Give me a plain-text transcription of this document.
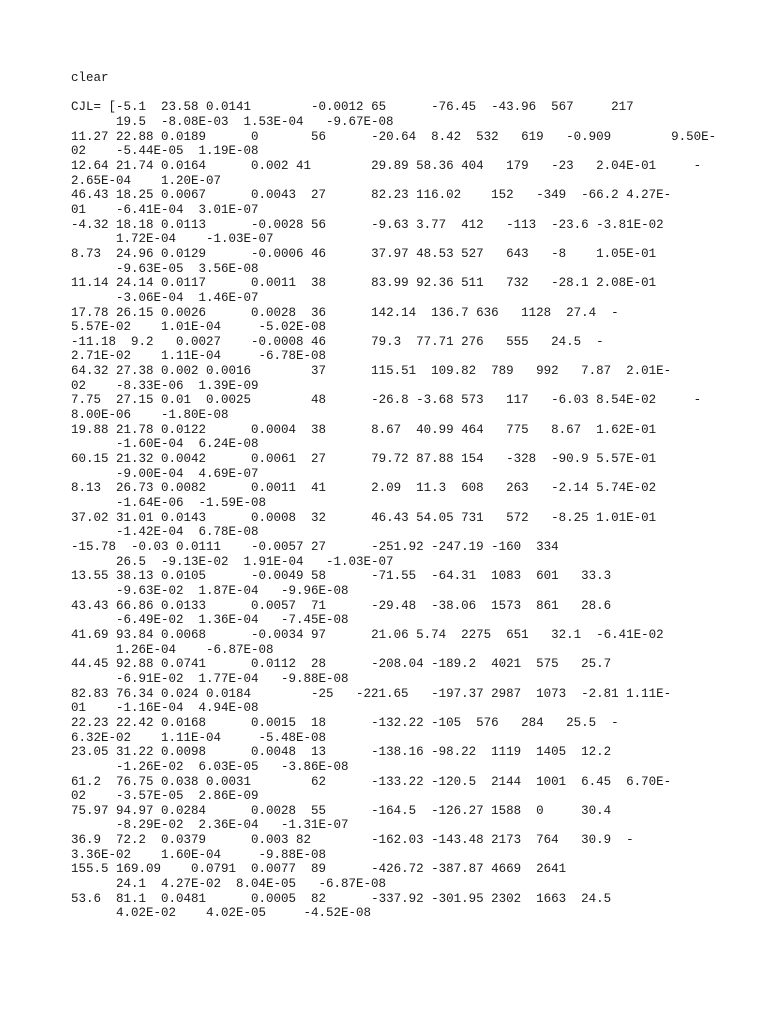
clear
CJL= [-5.1  23.58 0.0141	-0.0012	65	-76.45	-43.96	567	217
19.5  -8.08E-03  1.53E-04   -9.67E-08
11.27 22.88 0.0189	0	56	-20.64	8.42  532   619   -0.909	9.50E-
02    -5.44E-05  1.19E-08
12.64 21.74 0.0164	0.002 41	29.89 58.36 404   179   -23   2.04E-01     -
2.65E-04    1.20E-07
46.43 18.25 0.0067	0.0043	27	82.23 116.02	152   -349  -66.2 4.27E-
01    -6.41E-04  3.01E-07
-4.32 18.18 0.0113	-0.0028	56	-9.63 3.77  412   -113  -23.6 -3.81E-02
1.72E-04    -1.03E-07
8.73  24.96 0.0129	-0.0006	46	37.97 48.53 527   643   -8    1.05E-01
-9.63E-05  3.56E-08
11.14 24.14 0.0117	0.0011	38	83.99 92.36 511   732   -28.1 2.08E-01
-3.06E-04  1.46E-07
17.78 26.15 0.0026	0.0028	36	142.14	136.7 636   1128  27.4  -
5.57E-02    1.01E-04     -5.02E-08
-11.18	9.2   0.0027	-0.0008	46	79.3  77.71 276   555   24.5  -
2.71E-02    1.11E-04     -6.78E-08
64.32 27.38 0.002 0.0016	37	115.51	109.82	789   992   7.87  2.01E-
02    -8.33E-06  1.39E-09
7.75  27.15 0.01  0.0025	48	-26.8 -3.68 573   117   -6.03 8.54E-02     -
8.00E-06    -1.80E-08
19.88 21.78 0.0122	0.0004	38	8.67  40.99 464   775   8.67  1.62E-01
-1.60E-04  6.24E-08
60.15 21.32 0.0042	0.0061	27	79.72 87.88 154   -328  -90.9 5.57E-01
-9.00E-04  4.69E-07
8.13  26.73 0.0082	0.0011	41	2.09  11.3  608   263   -2.14 5.74E-02
-1.64E-06  -1.59E-08
37.02 31.01 0.0143	0.0008	32	46.43 54.05 731   572   -8.25 1.01E-01
-1.42E-04  6.78E-08
-15.78	-0.03 0.0111	-0.0057	27	-251.92	-247.19	-160  334
26.5  -9.13E-02  1.91E-04   -1.03E-07
13.55 38.13 0.0105	-0.0049	58	-71.55	-64.31	1083  601   33.3
-9.63E-02  1.87E-04   -9.96E-08
43.43 66.86 0.0133	0.0057	71	-29.48	-38.06	1573  861   28.6
-6.49E-02  1.36E-04   -7.45E-08
41.69 93.84 0.0068	-0.0034	97	21.06 5.74  2275  651   32.1  -6.41E-02
1.26E-04    -6.87E-08
44.45 92.88 0.0741	0.0112	28	-208.04	-189.2	4021  575   25.7
-6.91E-02  1.77E-04   -9.88E-08
82.83 76.34 0.024 0.0184	-25   -221.65	-197.37	2987  1073  -2.81 1.11E-
01    -1.16E-04  4.94E-08
22.23 22.42 0.0168	0.0015	18	-132.22	-105  576   284   25.5  -
6.32E-02    1.11E-04     -5.48E-08
23.05 31.22 0.0098	0.0048	13	-138.16	-98.22	1119  1405  12.2
-1.26E-02  6.03E-05   -3.86E-08
61.2  76.75 0.038 0.0031	62	-133.22	-120.5	2144  1001  6.45  6.70E-
02    -3.57E-05  2.86E-09
75.97 94.97 0.0284	0.0028	55	-164.5	-126.27	1588  0     30.4
-8.29E-02  2.36E-04   -1.31E-07
36.9  72.2  0.0379	0.003 82	-162.03	-143.48	2173  764   30.9  -
3.36E-02    1.60E-04     -9.88E-08
155.5 169.09	0.0791	0.0077	89	-426.72	-387.87	4669  2641
24.1  4.27E-02  8.04E-05   -6.87E-08
53.6  81.1  0.0481	0.0005	82	-337.92	-301.95	2302  1663  24.5
4.02E-02    4.02E-05     -4.52E-08
